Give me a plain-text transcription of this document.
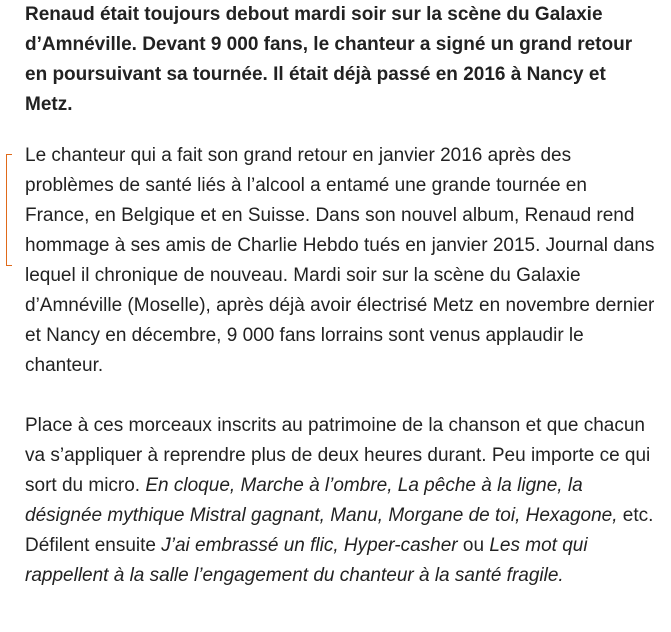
Renaud était toujours debout mardi soir sur la scène du Galaxie d’Amnéville. Devant 9 000 fans, le chanteur a signé un grand retour en poursuivant sa tournée. Il était déjà passé en 2016 à Nancy et Metz.

Le chanteur qui a fait son grand retour en janvier 2016 après des problèmes de santé liés à l’alcool a entamé une grande tournée en France, en Belgique et en Suisse. Dans son nouvel album, Renaud rend hommage à ses amis de Charlie Hebdo tués en janvier 2015. Journal dans lequel il chronique de nouveau. Mardi soir sur la scène du Galaxie d’Amnéville (Moselle), après déjà avoir électrisé Metz en novembre dernier et Nancy en décembre, 9 000 fans lorrains sont venus applaudir le chanteur.

Place à ces morceaux inscrits au patrimoine de la chanson et que chacun va s’appliquer à reprendre plus de deux heures durant. Peu importe ce qui sort du micro. En cloque, Marche à l’ombre, La pêche à la ligne, la désignée mythique Mistral gagnant, Manu, Morgane de toi, Hexagone, etc. Défilent ensuite J’ai embrassé un flic, Hyper-casher ou Les mot qui rappellent à la salle l’engagement du chanteur à la santé fragile.
